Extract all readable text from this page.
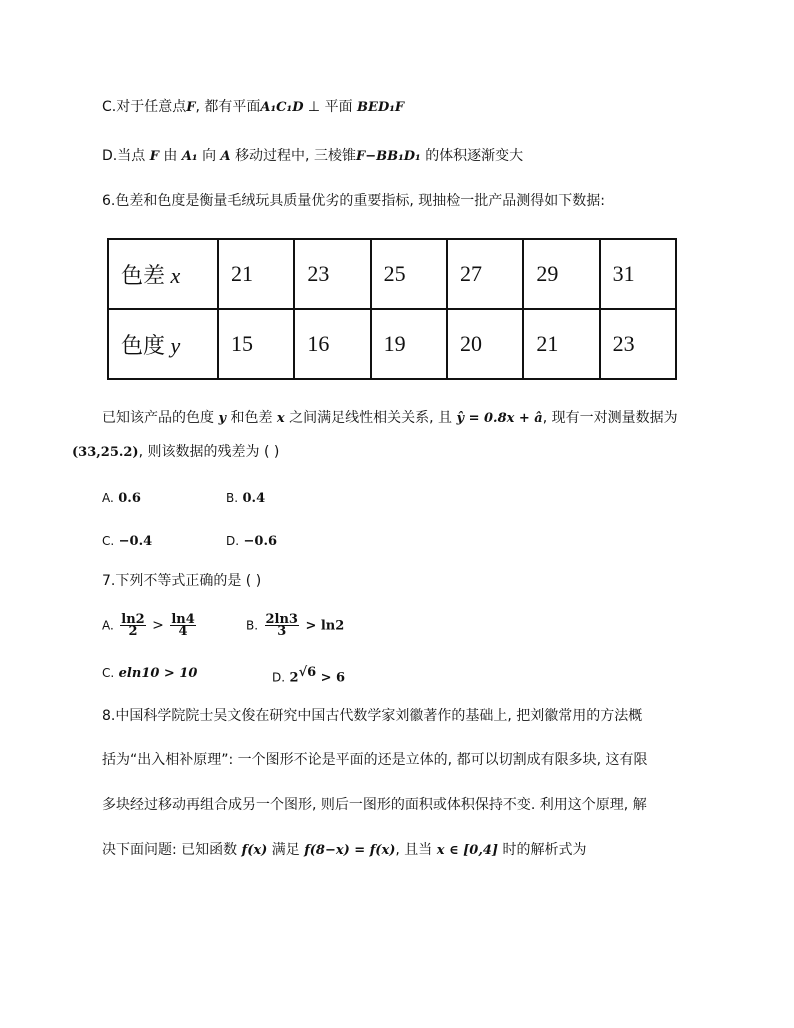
C.对于任意点F, 都有平面A₁C₁D ⊥ 平面 BED₁F
D.当点 F 由 A₁ 向 A 移动过程中, 三棱锥F−BB₁D₁ 的体积逐渐变大
6.色差和色度是衡量毛绒玩具质量优劣的重要指标, 现抽检一批产品测得如下数据:
色差 x	21	23	25	27	29	31
色度 y	15	16	19	20	21	23
已知该产品的色度 y 和色差 x 之间满足线性相关关系, 且 ŷ = 0.8x + â, 现有一对测量数据为
(33,25.2), 则该数据的残差为 ( )
A. 0.6	B. 0.4
C. −0.4	D. −0.6
7.下列不等式正确的是 ( )
A. $\frac{\ln 2}{2} > \frac{\ln 4}{4}$	B. $\frac{2\ln 3}{3} > \ln 2$
C. eln10 > 10	D. $2^{√6} > 6$
8.中国科学院院士吴文俊在研究中国古代数学家刘徽著作的基础上, 把刘徽常用的方法概
括为“出入相补原理”: 一个图形不论是平面的还是立体的, 都可以切割成有限多块, 这有限
多块经过移动再组合成另一个图形, 则后一图形的面积或体积保持不变. 利用这个原理, 解
决下面问题: 已知函数 f(x) 满足 f(8−x) = f(x), 且当 x ∈ [0,4] 时的解析式为
